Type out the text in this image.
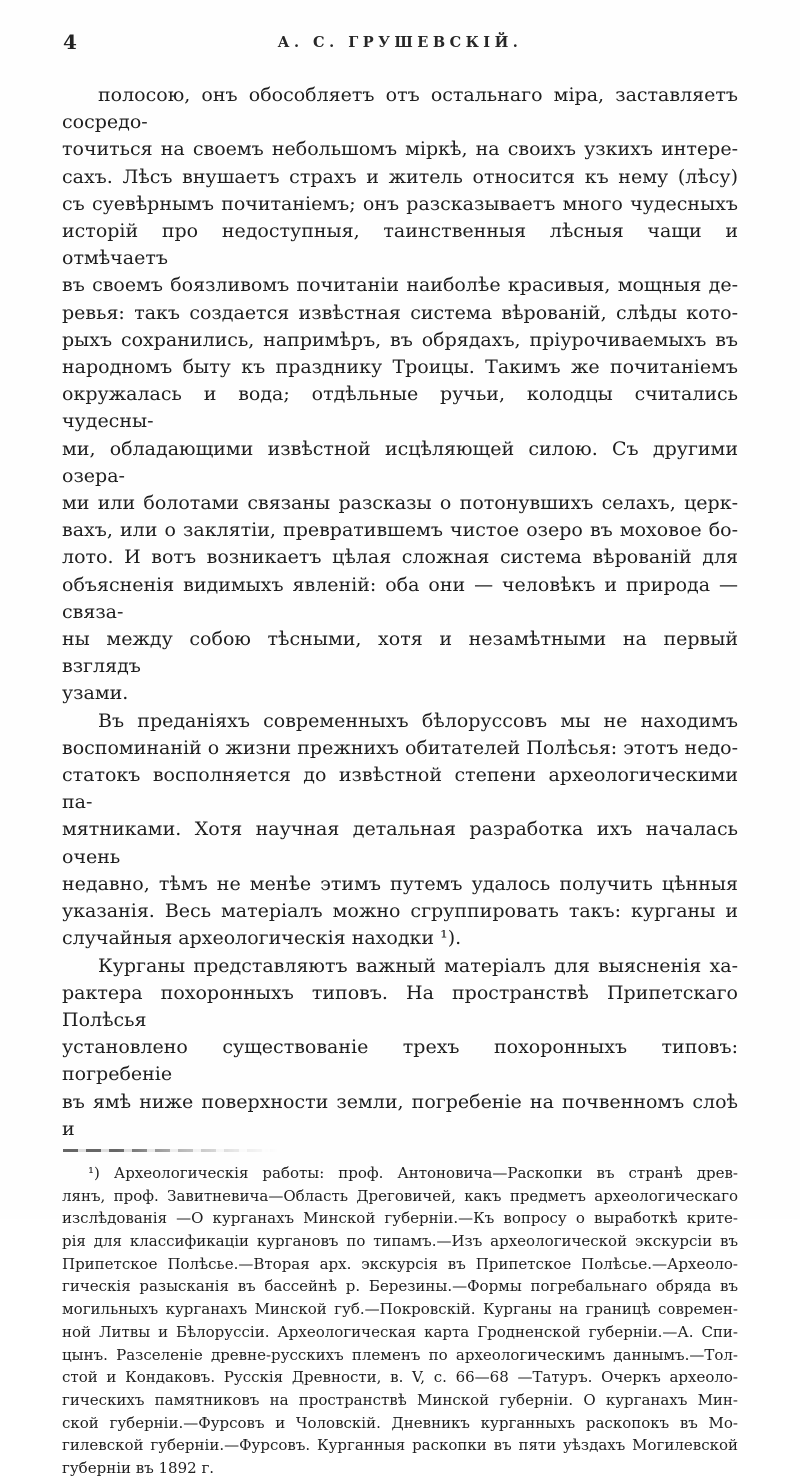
4	А. С. ГРУШЕВСКІЙ.
полосою, онъ обособляетъ отъ остальнаго міра, заставляетъ сосредо-
точиться на своемъ небольшомъ міркѣ, на своихъ узкихъ интере-
сахъ. Лѣсъ внушаетъ страхъ и житель относится къ нему (лѣсу)
съ суевѣрнымъ почитаніемъ; онъ разсказываетъ много чудесныхъ
исторій про недоступныя, таинственныя лѣсныя чащи и отмѣчаетъ
въ своемъ боязливомъ почитаніи наиболѣе красивыя, мощныя де-
ревья: такъ создается извѣстная система вѣрованій, слѣды кото-
рыхъ сохранились, напримѣръ, въ обрядахъ, пріурочиваемыхъ въ
народномъ быту къ празднику Троицы. Такимъ же почитаніемъ
окружалась и вода; отдѣльные ручьи, колодцы считались чудесны-
ми, обладающими извѣстной исцѣляющей силою. Съ другими озера-
ми или болотами связаны разсказы о потонувшихъ селахъ, церк-
вахъ, или о заклятіи, превратившемъ чистое озеро въ моховое бо-
лото. И вотъ возникаетъ цѣлая сложная система вѣрованій для
объясненія видимыхъ явленій: оба они — человѣкъ и природа — связа-
ны между собою тѣсными, хотя и незамѣтными на первый взглядъ
узами.
Въ преданіяхъ современныхъ бѣлоруссовъ мы не находимъ
воспоминаній о жизни прежнихъ обитателей Полѣсья: этотъ недо-
статокъ восполняется до извѣстной степени археологическими па-
мятниками. Хотя научная детальная разработка ихъ началась очень
недавно, тѣмъ не менѣе этимъ путемъ удалось получить цѣнныя
указанія. Весь матеріалъ можно сгруппировать такъ: курганы и
случайныя археологическія находки ¹).
Курганы представляютъ важный матеріалъ для выясненія ха-
рактера похоронныхъ типовъ. На пространствѣ Припетскаго Полѣсья
установлено существованіе трехъ похоронныхъ типовъ: погребеніе
въ ямѣ ниже поверхности земли, погребеніе на почвенномъ слоѣ и
¹) Археологическія работы: проф. Антоновича—Раскопки въ странѣ древ-
лянъ, проф. Завитневича—Область Дреговичей, какъ предметъ археологическаго
изслѣдованія —О курганахъ Минской губерніи.—Къ вопросу о выработкѣ крите-
рія для классификаціи кургановъ по типамъ.—Изъ археологической экскурсіи въ
Припетское Полѣсье.—Вторая арх. экскурсія въ Припетское Полѣсье.—Археоло-
гическія разысканія въ бассейнѣ р. Березины.—Формы погребальнаго обряда въ
могильныхъ курганахъ Минской губ.—Покровскій. Курганы на границѣ современ-
ной Литвы и Бѣлоруссіи. Археологическая карта Гродненской губерніи.—А. Спи-
цынъ. Разселеніе древне-русскихъ племенъ по археологическимъ даннымъ.—Тол-
стой и Кондаковъ. Русскія Древности, в. V, с. 66—68 —Татуръ. Очеркъ археоло-
гическихъ памятниковъ на пространствѣ Минской губерніи. О курганахъ Мин-
ской губерніи.—Фурсовъ и Чоловскій. Дневникъ курганныхъ раскопокъ въ Мо-
гилевской губерніи.—Фурсовъ. Курганныя раскопки въ пяти уѣздахъ Могилевской
губерніи въ 1892 г.
